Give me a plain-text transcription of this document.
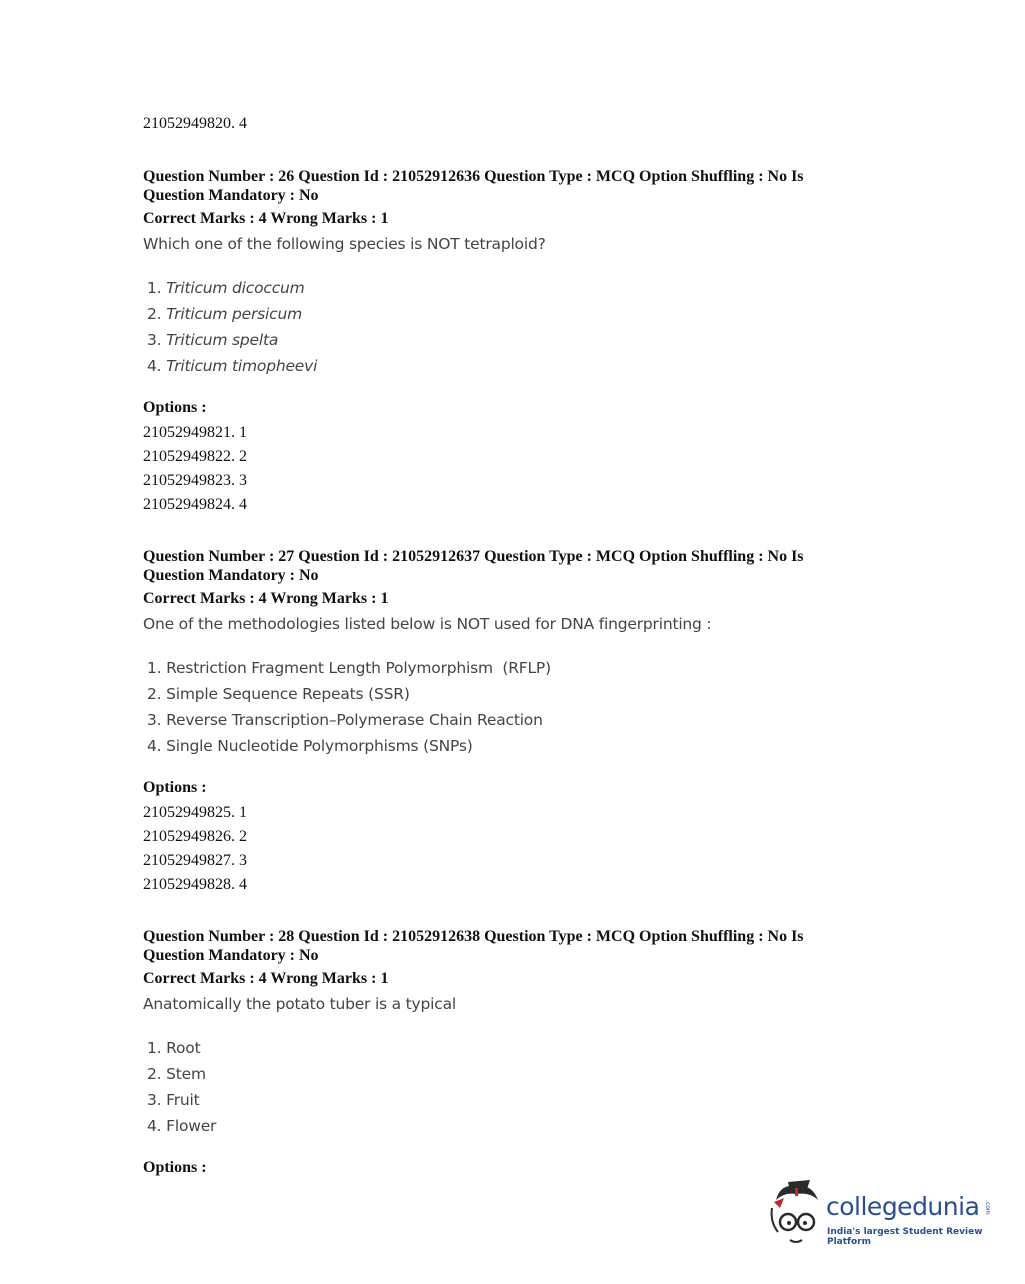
21052949820. 4

Question Number : 26 Question Id : 21052912636 Question Type : MCQ Option Shuffling : No Is

Question Mandatory : No

Correct Marks : 4 Wrong Marks : 1

Which one of the following species is NOT tetraploid?

1. Triticum dicoccum
2. Triticum persicum
3. Triticum spelta
4. Triticum timopheevi

Options :

21052949821. 1
21052949822. 2
21052949823. 3
21052949824. 4

Question Number : 27 Question Id : 21052912637 Question Type : MCQ Option Shuffling : No Is

Question Mandatory : No

Correct Marks : 4 Wrong Marks : 1

One of the methodologies listed below is NOT used for DNA fingerprinting :

1. Restriction Fragment Length Polymorphism  (RFLP)
2. Simple Sequence Repeats (SSR)
3. Reverse Transcription–Polymerase Chain Reaction
4. Single Nucleotide Polymorphisms (SNPs)

Options :

21052949825. 1
21052949826. 2
21052949827. 3
21052949828. 4

Question Number : 28 Question Id : 21052912638 Question Type : MCQ Option Shuffling : No Is

Question Mandatory : No

Correct Marks : 4 Wrong Marks : 1

Anatomically the potato tuber is a typical

1. Root
2. Stem
3. Fruit
4. Flower

Options :

collegedunia .com
India's largest Student Review Platform
